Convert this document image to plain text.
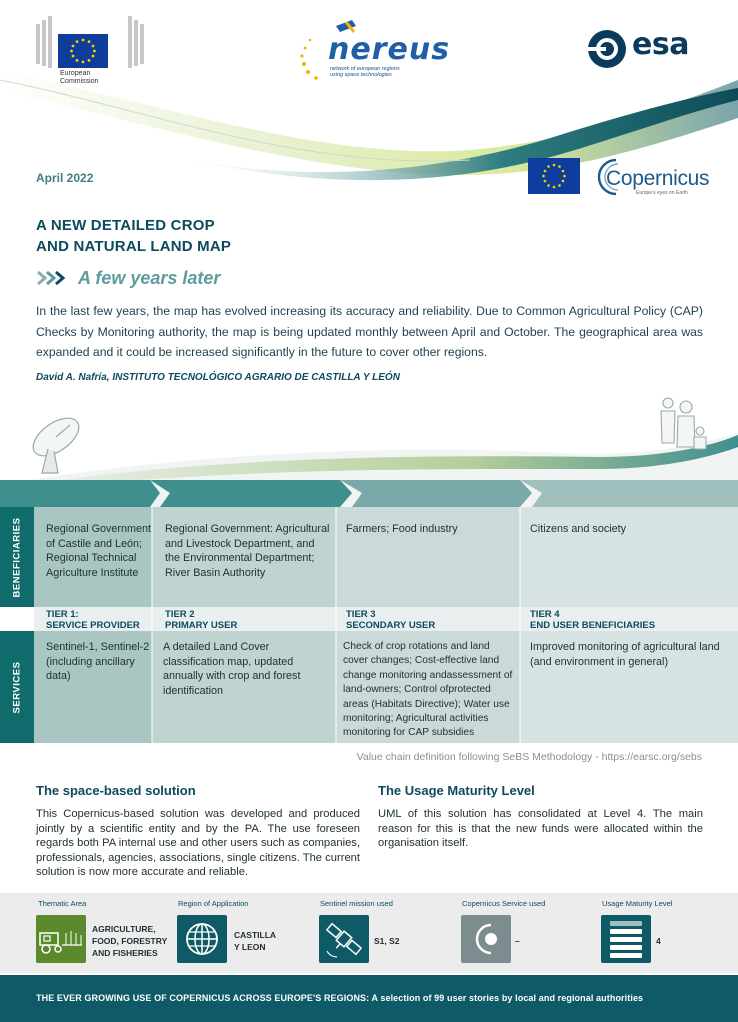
European
Commission
nereus
network of european regions
using space technologies
esa
April 2022	Copernicus
Europe's eyes on Earth
A NEW DETAILED CROP
AND NATURAL LAND MAP
A few years later
In the last few years, the map has evolved increasing its accuracy and reliability. Due to Common Agricultural Policy (CAP) Checks by Monitoring authority, the map is being updated monthly between April and October. The geographical area was expanded and it could be increased significantly in the future to cover other regions.
David A. Nafría, INSTITUTO TECNOLÓGICO AGRARIO DE CASTILLA Y LEÓN
BENEFICIARIES
SERVICES
Regional Government of Castile and León; Regional Technical Agriculture Institute
Regional Government: Agricultural and Livestock Department, and the Environmental Department; River Basin Authority
Farmers; Food industry	Citizens and society
TIER 1:
SERVICE PROVIDER
TIER 2
PRIMARY USER
TIER 3
SECONDARY USER
TIER 4
END USER BENEFICIARIES
Sentinel-1, Sentinel-2 (including ancillary data)
A detailed Land Cover classification map, updated annually with crop and forest identification
Check of crop rotations and land cover changes; Cost-effective land change monitoring andassessment of land-owners; Control ofprotected areas (Habitats Directive); Water use monitoring; Agricultural activities monitoring for CAP subsidies
Improved monitoring of agricultural land (and environment in general)
Value chain definition following SeBS Methodology - https://earsc.org/sebs
The space-based solution
This Copernicus-based solution was developed and produced jointly by a scientific entity and by the PA. The use foreseen regards both PA internal use and other users such as companies, professionals, agencies, associations, single citizens. The current solution is now more accurate and reliable.
The Usage Maturity Level
UML of this solution has consolidated at Level 4. The main reason for this is that the new funds were allocated within the organisation itself.
Thematic Area
AGRICULTURE,
FOOD, FORESTRY
AND FISHERIES
Region of Application
CASTILLA
Y LEON
Sentinel mission used
S1, S2
Copernicus Service used
–
Usage Maturity Level
4
THE EVER GROWING USE OF COPERNICUS ACROSS EUROPE'S REGIONS: A selection of 99 user stories by local and regional authorities
